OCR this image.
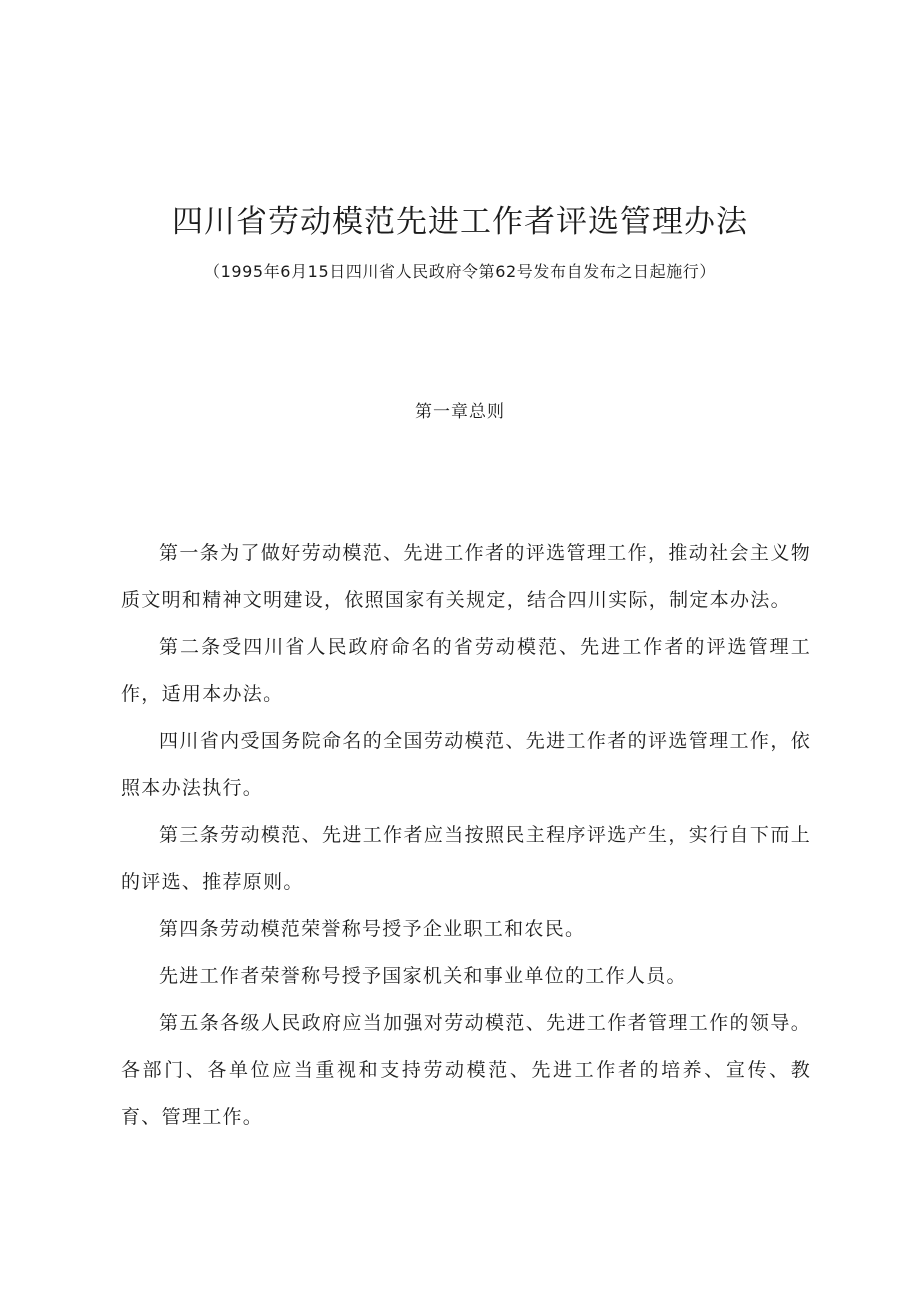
四川省劳动模范先进工作者评选管理办法
（1995年6月15日四川省人民政府令第62号发布自发布之日起施行）
第一章总则

第一条为了做好劳动模范、先进工作者的评选管理工作，推动社会主义物质文明和精神文明建设，依照国家有关规定，结合四川实际，制定本办法。

第二条受四川省人民政府命名的省劳动模范、先进工作者的评选管理工作，适用本办法。

四川省内受国务院命名的全国劳动模范、先进工作者的评选管理工作，依照本办法执行。

第三条劳动模范、先进工作者应当按照民主程序评选产生，实行自下而上的评选、推荐原则。

第四条劳动模范荣誉称号授予企业职工和农民。

先进工作者荣誉称号授予国家机关和事业单位的工作人员。

第五条各级人民政府应当加强对劳动模范、先进工作者管理工作的领导。各部门、各单位应当重视和支持劳动模范、先进工作者的培养、宣传、教育、管理工作。
